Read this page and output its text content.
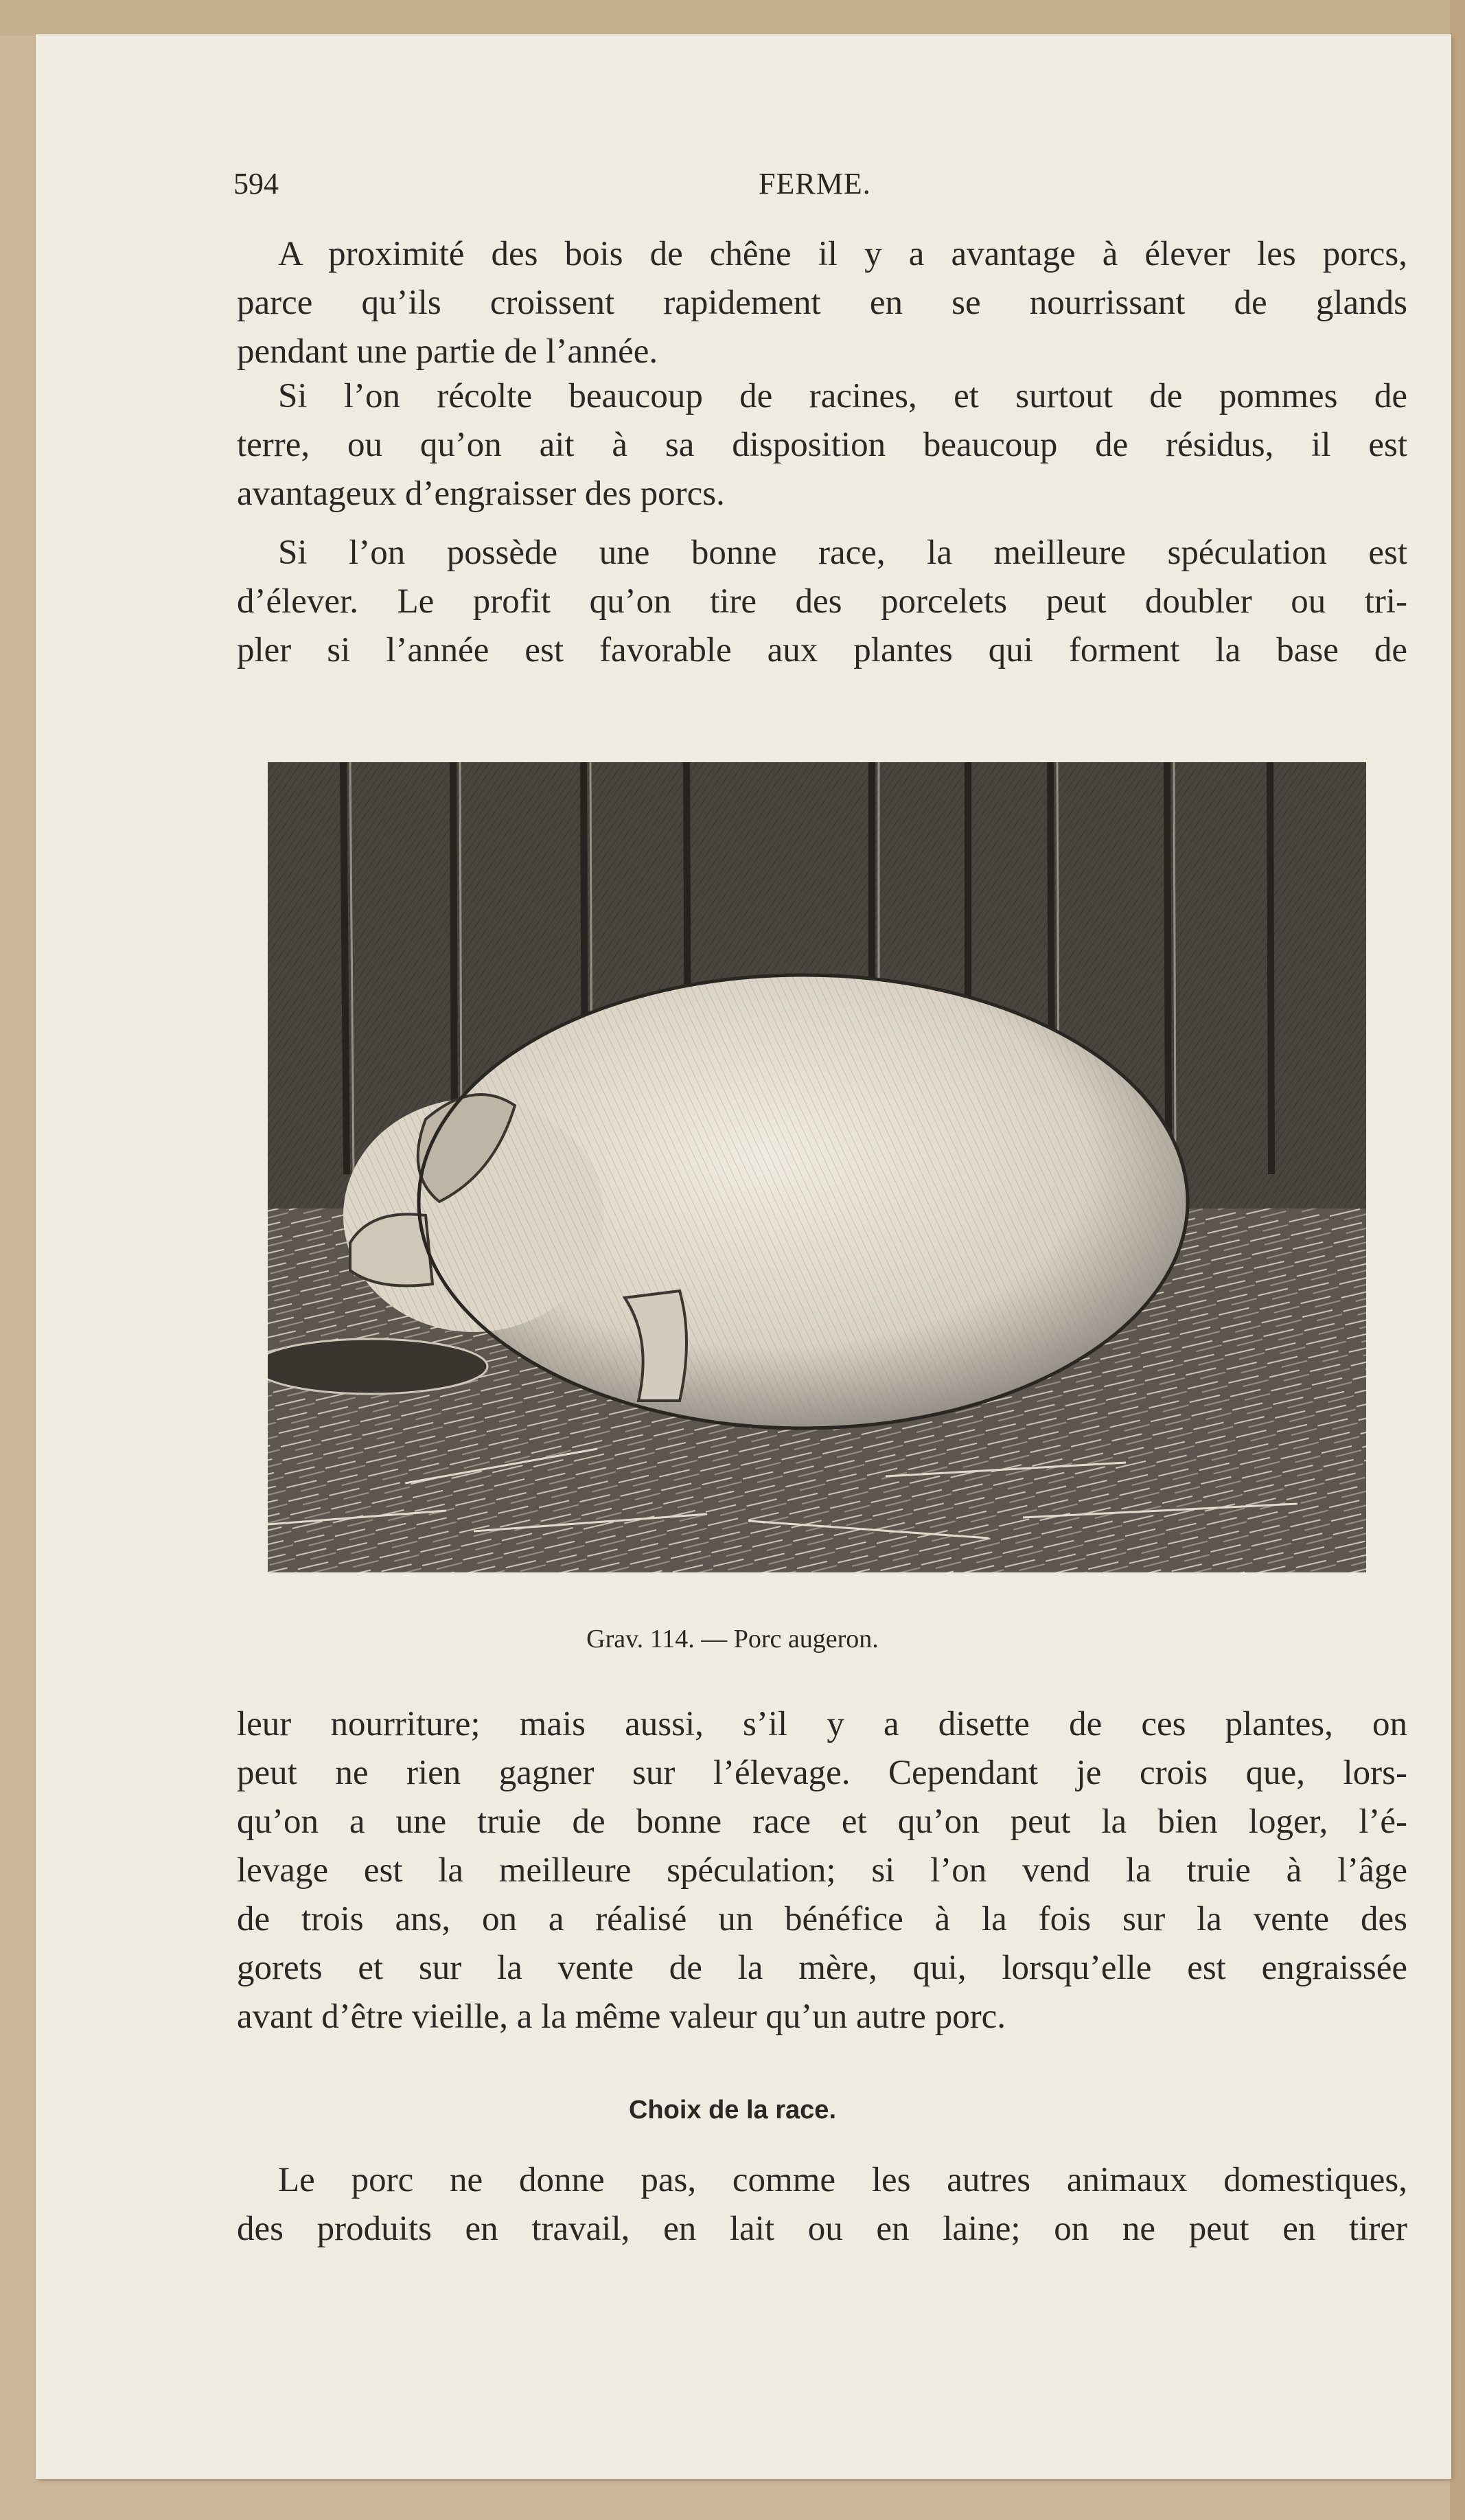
594	FERME.

A proximité des bois de chêne il y a avantage à élever les porcs,
parce qu’ils croissent rapidement en se nourrissant de glands
pendant une partie de l’année.

Si l’on récolte beaucoup de racines, et surtout de pommes de
terre, ou qu’on ait à sa disposition beaucoup de résidus, il est
avantageux d’engraisser des porcs.

Si l’on possède une bonne race, la meilleure spéculation est
d’élever. Le profit qu’on tire des porcelets peut doubler ou tri-
pler si l’année est favorable aux plantes qui forment la base de

Grav. 114. — Porc augeron.

leur nourriture; mais aussi, s’il y a disette de ces plantes, on
peut ne rien gagner sur l’élevage. Cependant je crois que, lors-
qu’on a une truie de bonne race et qu’on peut la bien loger, l’é-
levage est la meilleure spéculation; si l’on vend la truie à l’âge
de trois ans, on a réalisé un bénéfice à la fois sur la vente des
gorets et sur la vente de la mère, qui, lorsqu’elle est engraissée
avant d’être vieille, a la même valeur qu’un autre porc.

Choix de la race.

Le porc ne donne pas, comme les autres animaux domestiques,
des produits en travail, en lait ou en laine; on ne peut en tirer
